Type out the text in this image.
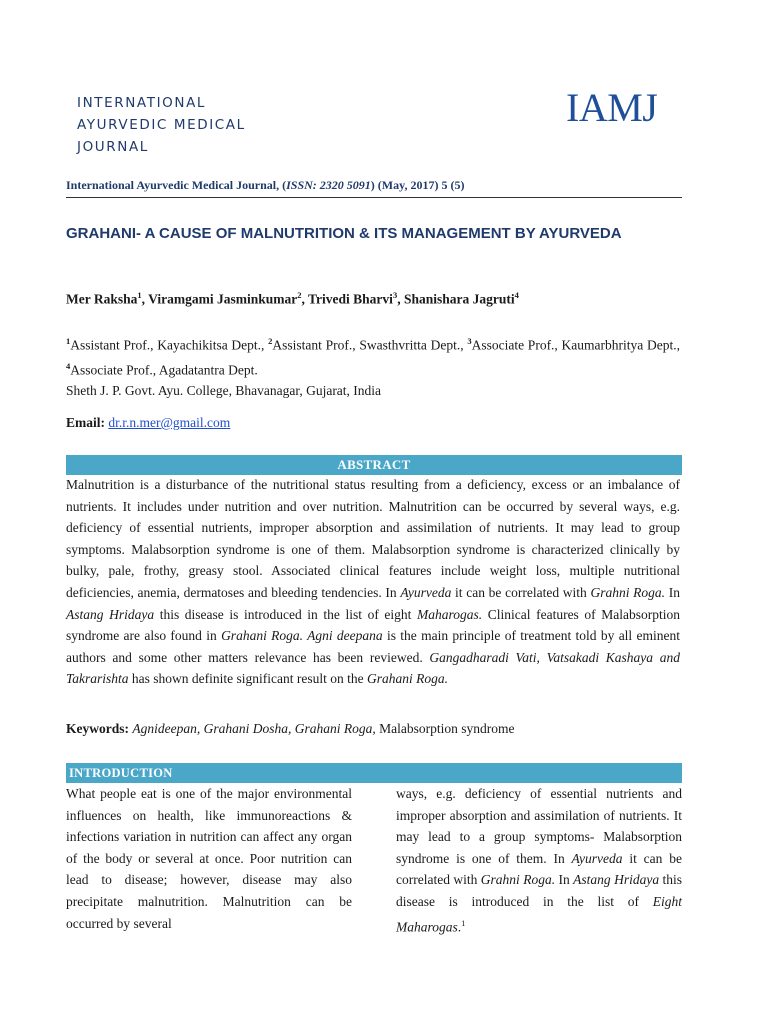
INTERNATIONAL
AYURVEDIC MEDICAL
JOURNAL
IAMJ
International Ayurvedic Medical Journal, (ISSN: 2320 5091) (May, 2017) 5 (5)
GRAHANI- A CAUSE OF MALNUTRITION & ITS MANAGEMENT BY AYURVEDA
Mer Raksha$^1$, Viramgami Jasminkumar$^2$, Trivedi Bharvi$^3$, Shanishara Jagruti$^4$

$^1$Assistant Prof., Kayachikitsa Dept., $^2$Assistant Prof., Swasthvritta Dept., $^3$Associate Prof., Kaumarbhritya Dept., $^4$Associate Prof., Agadatantra Dept.

Sheth J. P. Govt. Ayu. College, Bhavanagar, Gujarat, India

Email: dr.r.n.mer@gmail.com
ABSTRACT

Malnutrition is a disturbance of the nutritional status resulting from a deficiency, excess or an imbalance of nutrients. It includes under nutrition and over nutrition. Malnutrition can be occurred by several ways, e.g. deficiency of essential nutrients, improper absorption and assimilation of nutrients. It may lead to group symptoms. Malabsorption syndrome is one of them. Malabsorption syndrome is characterized clinically by bulky, pale, frothy, greasy stool. Associated clinical features include weight loss, multiple nutritional deficiencies, anemia, dermatoses and bleeding tendencies. In Ayurveda it can be correlated with Grahni Roga. In Astang Hridaya this disease is introduced in the list of eight Maharogas. Clinical features of Malabsorption syndrome are also found in Grahani Roga. Agni deepana is the main principle of treatment told by all eminent authors and some other matters relevance has been reviewed. Gangadharadi Vati, Vatsakadi Kashaya and Takrarishta has shown definite significant result on the Grahani Roga.

Keywords: Agnideepan, Grahani Dosha, Grahani Roga, Malabsorption syndrome
INTRODUCTION

What people eat is one of the major environmental influences on health, like immunoreactions & infections variation in nutrition can affect any organ of the body or several at once. Poor nutrition can lead to disease; however, disease may also precipitate malnutrition. Malnutrition can be occurred by several

ways, e.g. deficiency of essential nutrients and improper absorption and assimilation of nutrients. It may lead to a group symptoms- Malabsorption syndrome is one of them. In Ayurveda it can be correlated with Grahni Roga. In Astang Hridaya this disease is introduced in the list of Eight Maharogas.$^1$
